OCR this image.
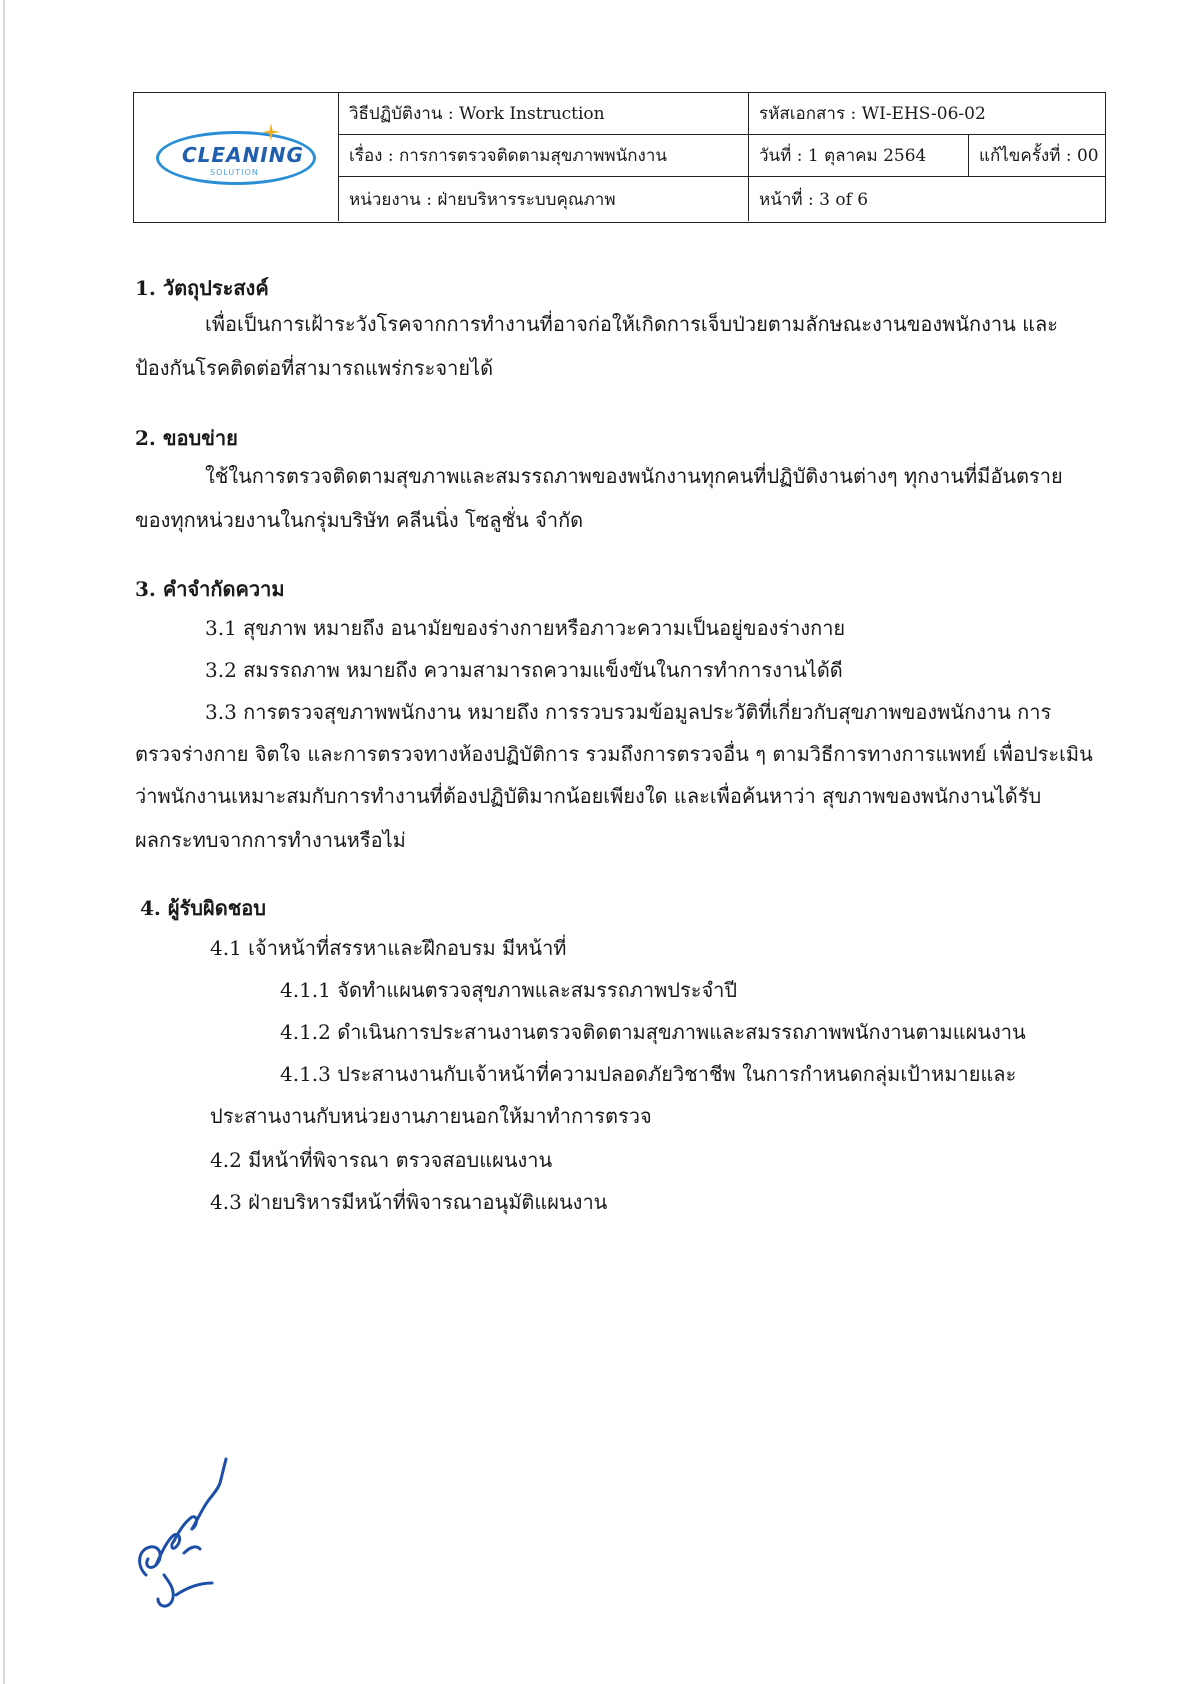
CLEANING
SOLUTION
วิธีปฏิบัติงาน : Work Instruction	รหัสเอกสาร : WI-EHS-06-02
เรื่อง : การการตรวจติดตามสุขภาพพนักงาน	วันที่ : 1 ตุลาคม 2564	แก้ไขครั้งที่ : 00
หน่วยงาน : ฝ่ายบริหารระบบคุณภาพ	หน้าที่ : 3 of 6
1. วัตถุประสงค์
เพื่อเป็นการเฝ้าระวังโรคจากการทำงานที่อาจก่อให้เกิดการเจ็บป่วยตามลักษณะงานของพนักงาน และ
ป้องกันโรคติดต่อที่สามารถแพร่กระจายได้
2. ขอบข่าย
ใช้ในการตรวจติดตามสุขภาพและสมรรถภาพของพนักงานทุกคนที่ปฏิบัติงานต่างๆ ทุกงานที่มีอันตราย
ของทุกหน่วยงานในกรุ่มบริษัท คลีนนิ่ง โซลูชั่น จำกัด
3. คำจำกัดความ
3.1 สุขภาพ หมายถึง อนามัยของร่างกายหรือภาวะความเป็นอยู่ของร่างกาย
3.2 สมรรถภาพ หมายถึง ความสามารถความแข็งขันในการทำการงานได้ดี
3.3 การตรวจสุขภาพพนักงาน หมายถึง การรวบรวมข้อมูลประวัติที่เกี่ยวกับสุขภาพของพนักงาน การ
ตรวจร่างกาย จิตใจ และการตรวจทางห้องปฏิบัติการ รวมถึงการตรวจอื่น ๆ ตามวิธีการทางการแพทย์ เพื่อประเมิน
ว่าพนักงานเหมาะสมกับการทำงานที่ต้องปฏิบัติมากน้อยเพียงใด และเพื่อค้นหาว่า สุขภาพของพนักงานได้รับ
ผลกระทบจากการทำงานหรือไม่
4. ผู้รับผิดชอบ
4.1 เจ้าหน้าที่สรรหาและฝึกอบรม มีหน้าที่
4.1.1 จัดทำแผนตรวจสุขภาพและสมรรถภาพประจำปี
4.1.2 ดำเนินการประสานงานตรวจติดตามสุขภาพและสมรรถภาพพนักงานตามแผนงาน
4.1.3 ประสานงานกับเจ้าหน้าที่ความปลอดภัยวิชาชีพ ในการกำหนดกลุ่มเป้าหมายและ
ประสานงานกับหน่วยงานภายนอกให้มาทำการตรวจ
4.2 มีหน้าที่พิจารณา ตรวจสอบแผนงาน
4.3 ฝ่ายบริหารมีหน้าที่พิจารณาอนุมัติแผนงาน
